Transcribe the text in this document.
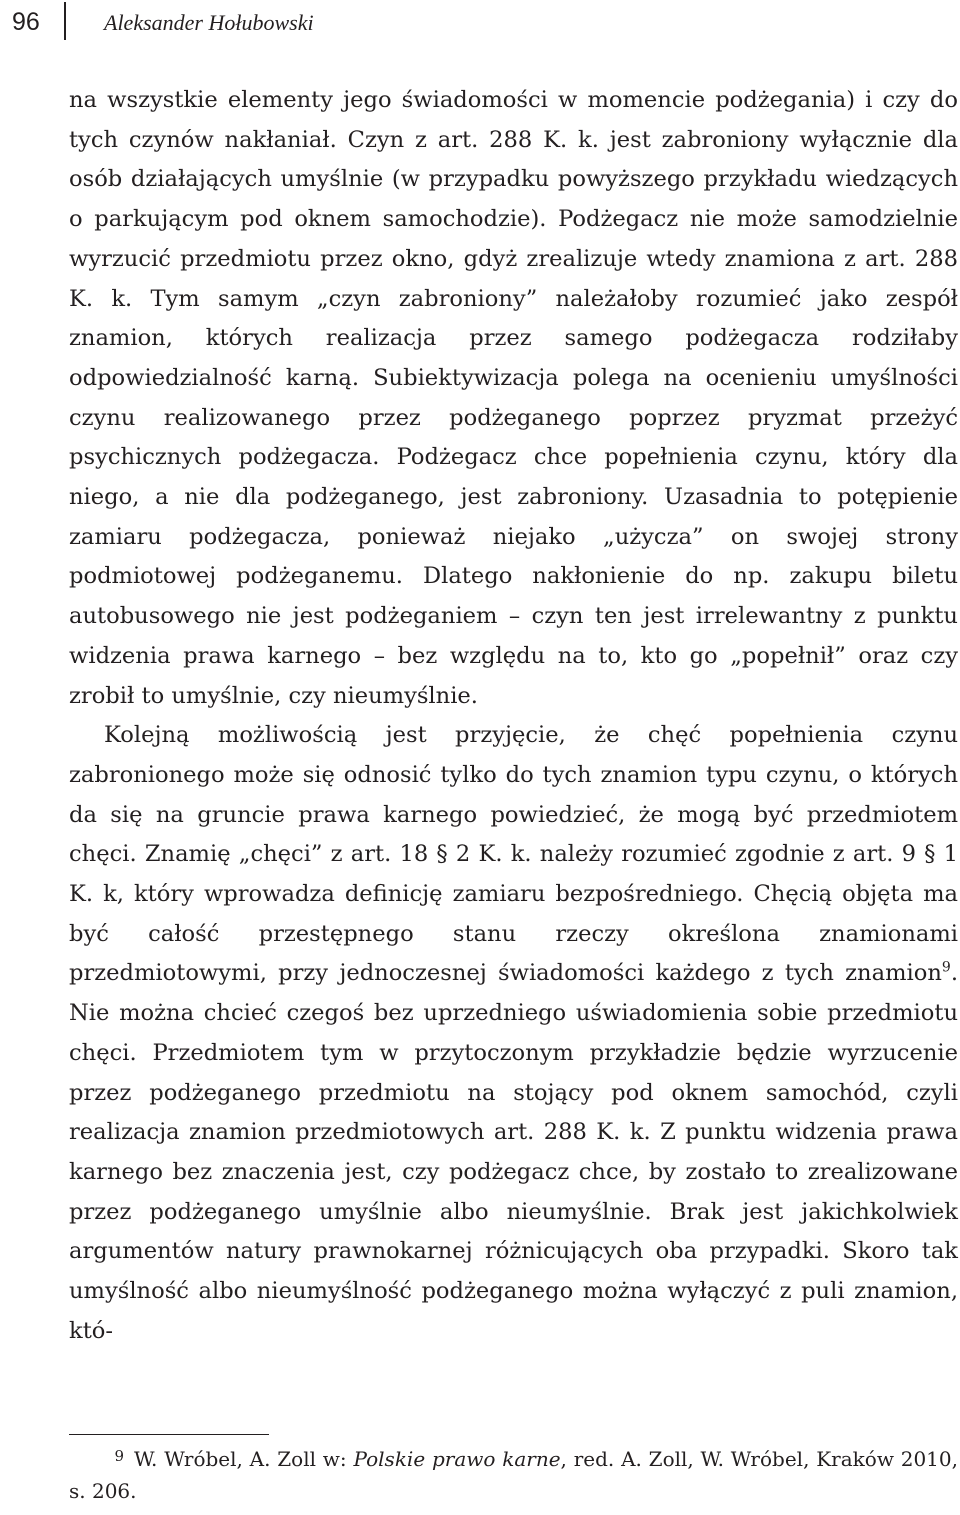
96	Aleksander Hołubowski

na wszystkie elementy jego świadomości w momencie podżegania) i czy do tych czynów nakłaniał. Czyn z art. 288 K. k. jest zabroniony wyłącznie dla osób działających umyślnie (w przypadku powyższego przykładu wiedzących o parkującym pod oknem samochodzie). Podżegacz nie może samodzielnie wyrzucić przedmiotu przez okno, gdyż zrealizuje wtedy znamiona z art. 288 K. k. Tym samym „czyn zabroniony” należałoby rozumieć jako zespół znamion, których realizacja przez samego podżegacza rodziłaby odpowiedzialność karną. Subiektywizacja polega na ocenieniu umyślności czynu realizowanego przez podżeganego poprzez pryzmat przeżyć psychicznych podżegacza. Podżegacz chce popełnienia czynu, który dla niego, a nie dla podżeganego, jest zabroniony. Uzasadnia to potępienie zamiaru podżegacza, ponieważ niejako „użycza” on swojej strony podmiotowej podżeganemu. Dlatego nakłonienie do np. zakupu biletu autobusowego nie jest podżeganiem – czyn ten jest irrelewantny z punktu widzenia prawa karnego – bez względu na to, kto go „popełnił” oraz czy zrobił to umyślnie, czy nieumyślnie.

Kolejną możliwością jest przyjęcie, że chęć popełnienia czynu zabronionego może się odnosić tylko do tych znamion typu czynu, o których da się na gruncie prawa karnego powiedzieć, że mogą być przedmiotem chęci. Znamię „chęci” z art. 18 § 2 K. k. należy rozumieć zgodnie z art. 9 § 1 K. k, który wprowadza definicję zamiaru bezpośredniego. Chęcią objęta ma być całość przestępnego stanu rzeczy określona znamionami przedmiotowymi, przy jednoczesnej świadomości każdego z tych znamion$^9$. Nie można chcieć czegoś bez uprzedniego uświadomienia sobie przedmiotu chęci. Przedmiotem tym w przytoczonym przykładzie będzie wyrzucenie przez podżeganego przedmiotu na stojący pod oknem samochód, czyli realizacja znamion przedmiotowych art. 288 K. k. Z punktu widzenia prawa karnego bez znaczenia jest, czy podżegacz chce, by zostało to zrealizowane przez podżeganego umyślnie albo nieumyślnie. Brak jest jakichkolwiek argumentów natury prawnokarnej różnicujących oba przypadki. Skoro tak umyślność albo nieumyślność podżeganego można wyłączyć z puli znamion, któ-

9 W. Wróbel, A. Zoll w: Polskie prawo karne, red. A. Zoll, W. Wróbel, Kraków 2010, s. 206.
